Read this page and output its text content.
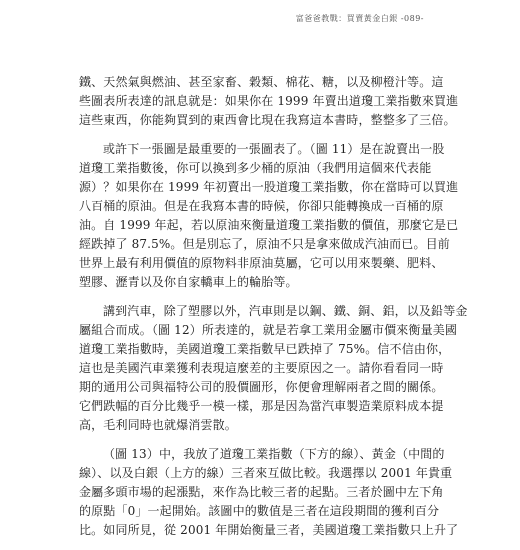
富爸爸教戰：買賣黃金白銀 -089-
鐵、天然氣與燃油、甚至家畜、穀類、棉花、糖，以及柳橙汁等。這
些圖表所表達的訊息就是：如果你在 1999 年賣出道瓊工業指數來買進
這些東西，你能夠買到的東西會比現在我寫這本書時，整整多了三倍。
或許下一張圖是最重要的一張圖表了。（圖 11）是在說賣出一股
道瓊工業指數後，你可以換到多少桶的原油（我們用這個來代表能
源）？如果你在 1999 年初賣出一股道瓊工業指數，你在當時可以買進
八百桶的原油。但是在我寫本書的時候，你卻只能轉換成一百桶的原
油。自 1999 年起，若以原油來衡量道瓊工業指數的價值，那麼它是已
經跌掉了 87.5%。但是別忘了，原油不只是拿來做成汽油而已。目前
世界上最有利用價值的原物料非原油莫屬，它可以用來製藥、肥料、
塑膠、瀝青以及你自家轎車上的輪胎等。
講到汽車，除了塑膠以外，汽車則是以鋼、鐵、銅、鋁，以及鉛等金
屬組合而成。（圖 12）所表達的，就是若拿工業用金屬市價來衡量美國
道瓊工業指數時，美國道瓊工業指數早已跌掉了 75%。信不信由你，
這也是美國汽車業獲利表現這麼差的主要原因之一。請你看看同一時
期的通用公司與福特公司的股價圖形，你便會理解兩者之間的關係。
它們跌幅的百分比幾乎一模一樣，那是因為當汽車製造業原料成本提
高，毛利同時也就爆消雲散。
（圖 13）中，我放了道瓊工業指數（下方的線）、黃金（中間的
線）、以及白銀（上方的線）三者來互做比較。我選擇以 2001 年貴重
金屬多頭市場的起漲點，來作為比較三者的起點。三者於圖中左下角
的原點「0」一起開始。該圖中的數值是三者在這段期間的獲利百分
比。如同所見，從 2001 年開始衡量三者，美國道瓊工業指數只上升了
